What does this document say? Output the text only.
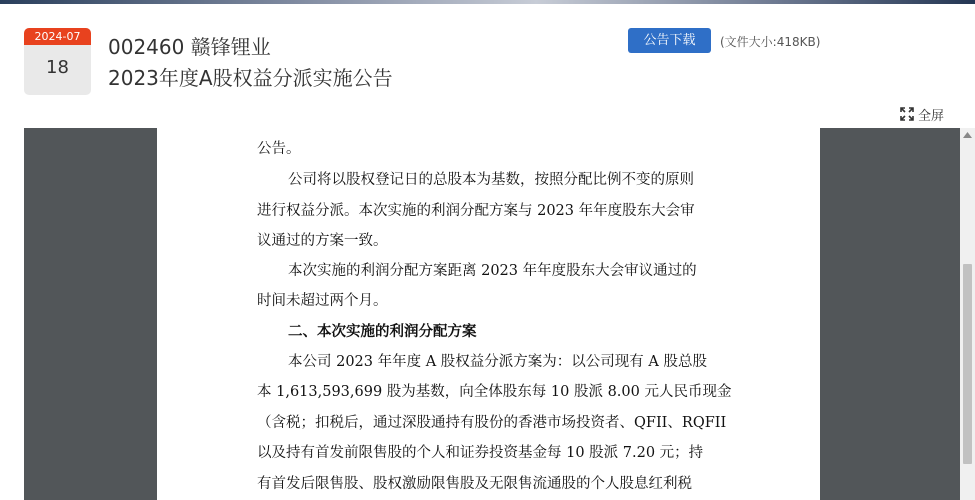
2024-07
18
002460 赣锋锂业
2023年度A股权益分派实施公告
公告下载	(文件大小:418KB)
全屏
公告。
公司将以股权登记日的总股本为基数，按照分配比例不变的原则
进行权益分派。本次实施的利润分配方案与 2023 年年度股东大会审
议通过的方案一致。
本次实施的利润分配方案距离 2023 年年度股东大会审议通过的
时间未超过两个月。
二、本次实施的利润分配方案
本公司 2023 年年度 A 股权益分派方案为：以公司现有 A 股总股
本 1,613,593,699 股为基数，向全体股东每 10 股派 8.00 元人民币现金
（含税；扣税后，通过深股通持有股份的香港市场投资者、QFII、RQFII
以及持有首发前限售股的个人和证券投资基金每 10 股派 7.20 元；持
有首发后限售股、股权激励限售股及无限售流通股的个人股息红利税
